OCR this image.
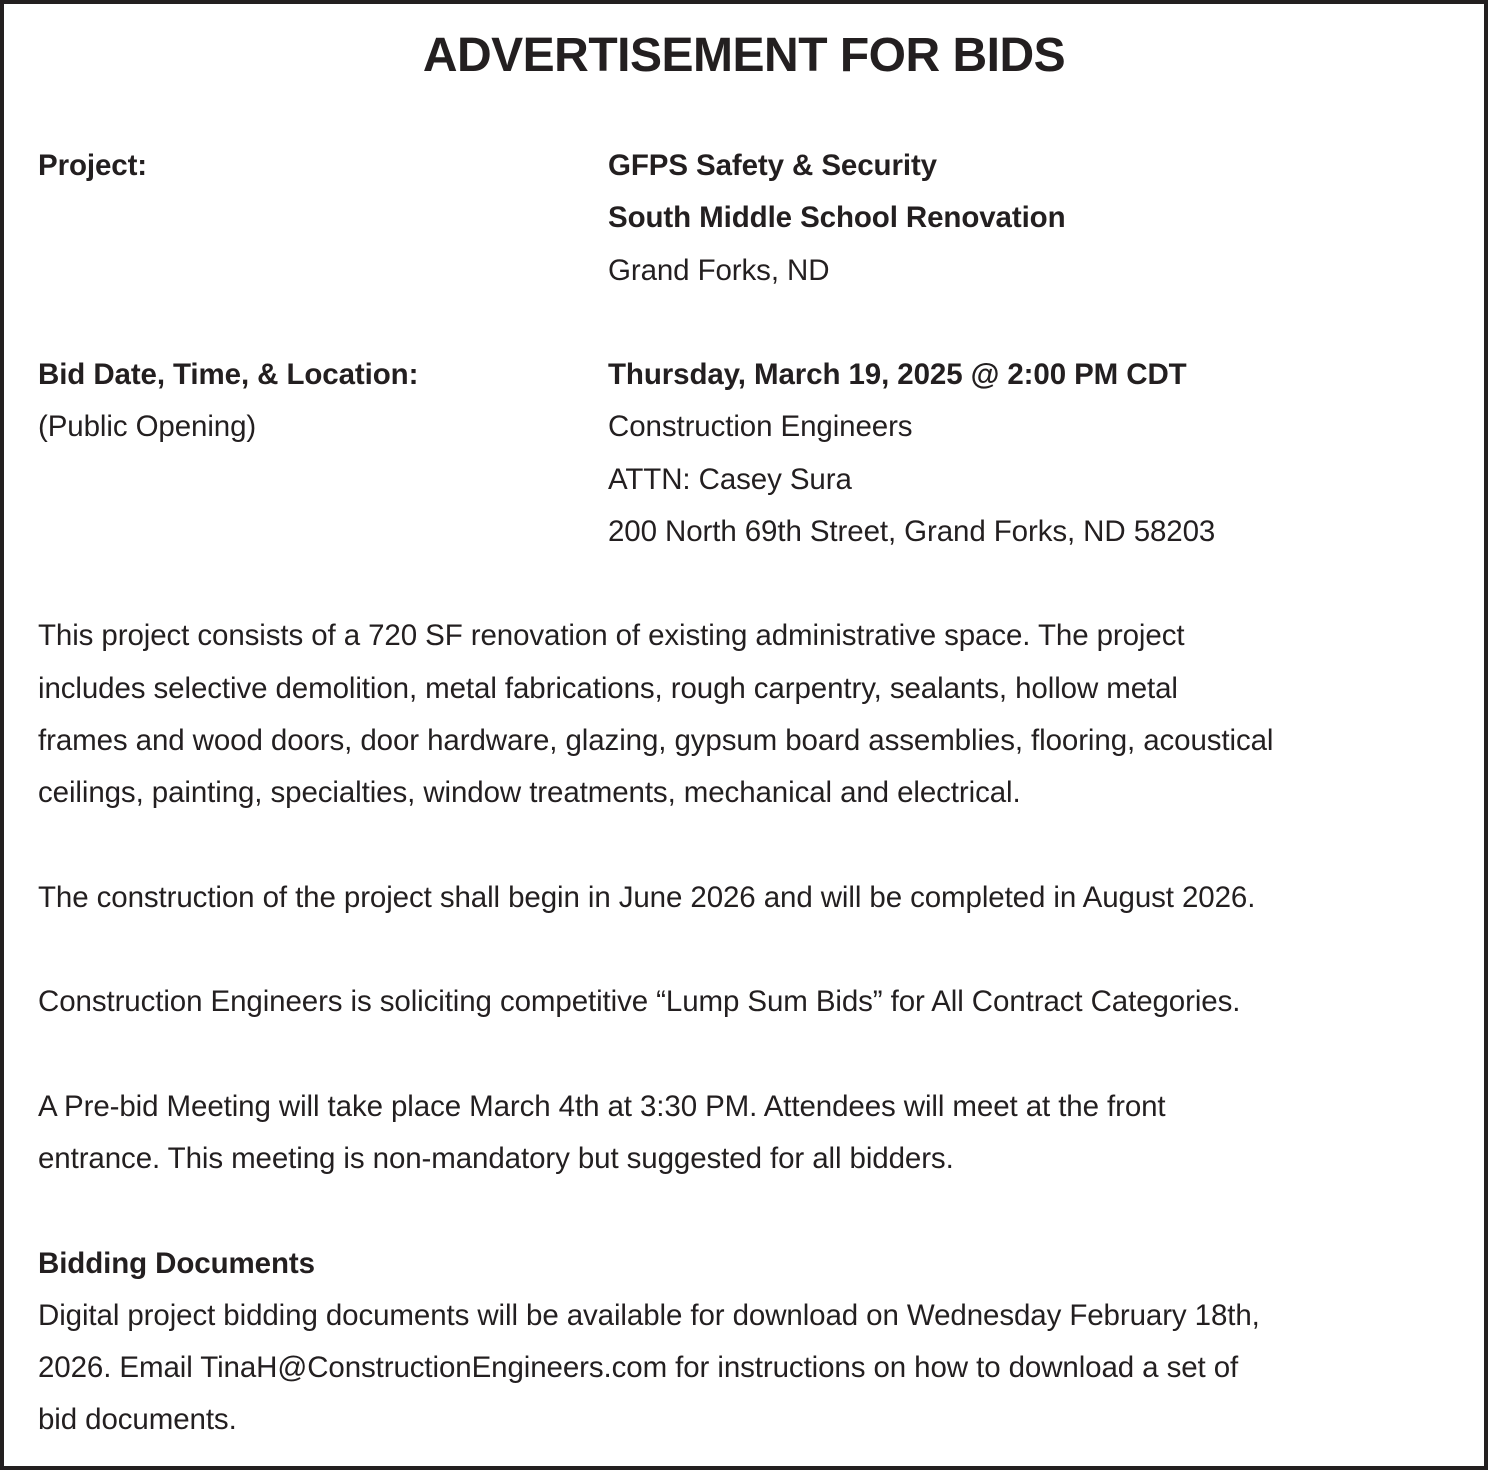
ADVERTISEMENT FOR BIDS
Project:	GFPS Safety & Security
South Middle School Renovation
Grand Forks, ND
Bid Date, Time, & Location:
(Public Opening)
Thursday, March 19, 2025 @ 2:00 PM CDT
Construction Engineers
ATTN: Casey Sura
200 North 69th Street, Grand Forks, ND 58203
This project consists of a 720 SF renovation of existing administrative space. The project
includes selective demolition, metal fabrications, rough carpentry, sealants, hollow metal
frames and wood doors, door hardware, glazing, gypsum board assemblies, flooring, acoustical
ceilings, painting, specialties, window treatments, mechanical and electrical.
The construction of the project shall begin in June 2026 and will be completed in August 2026.
Construction Engineers is soliciting competitive “Lump Sum Bids” for All Contract Categories.
A Pre-bid Meeting will take place March 4th at 3:30 PM. Attendees will meet at the front
entrance. This meeting is non-mandatory but suggested for all bidders.
Bidding Documents
Digital project bidding documents will be available for download on Wednesday February 18th,
2026. Email TinaH@ConstructionEngineers.com for instructions on how to download a set of
bid documents.
